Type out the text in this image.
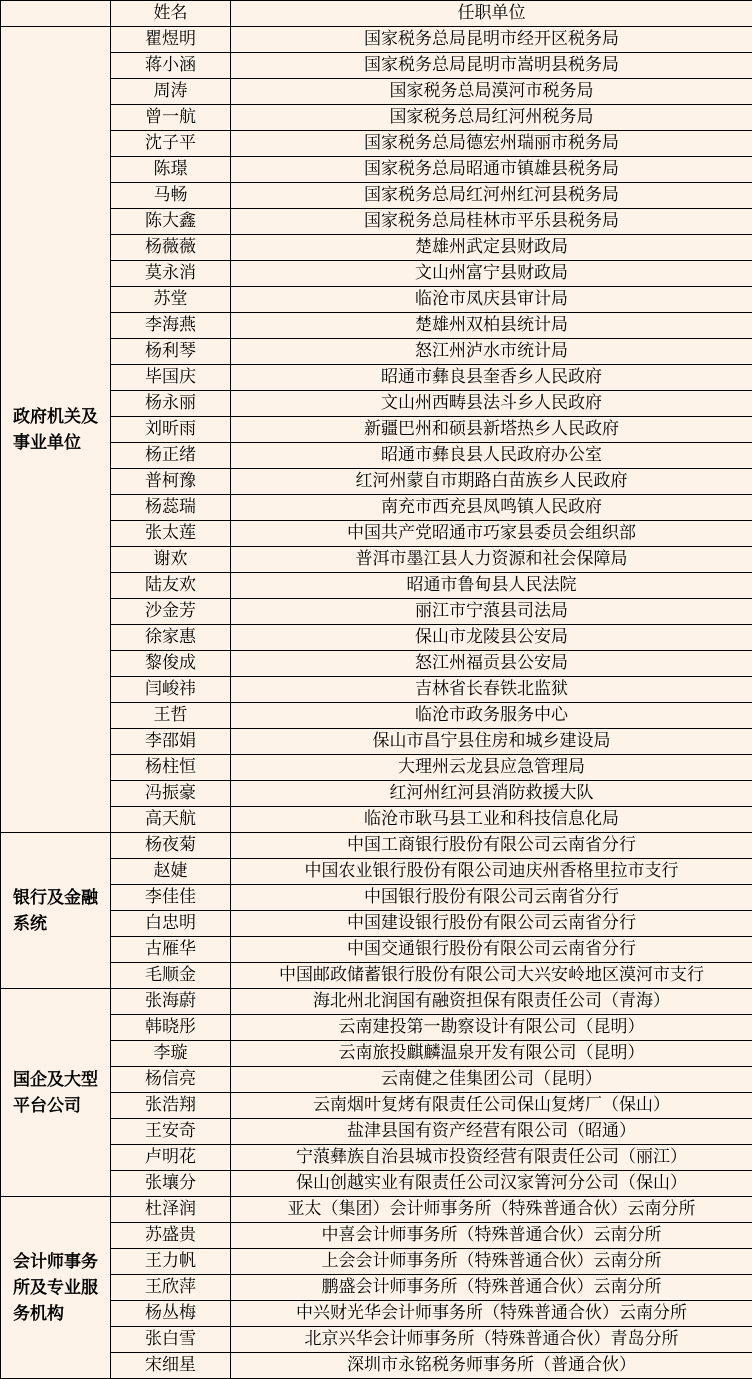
	姓名	任职单位
政府机关及事业单位	瞿煜明	国家税务总局昆明市经开区税务局
	蒋小涵	国家税务总局昆明市嵩明县税务局
	周涛	国家税务总局漠河市税务局
	曾一航	国家税务总局红河州税务局
	沈子平	国家税务总局德宏州瑞丽市税务局
	陈璟	国家税务总局昭通市镇雄县税务局
	马畅	国家税务总局红河州红河县税务局
	陈大鑫	国家税务总局桂林市平乐县税务局
	杨薇薇	楚雄州武定县财政局
	莫永消	文山州富宁县财政局
	苏堂	临沧市凤庆县审计局
	李海燕	楚雄州双柏县统计局
	杨利琴	怒江州泸水市统计局
	毕国庆	昭通市彝良县奎香乡人民政府
	杨永丽	文山州西畴县法斗乡人民政府
	刘昕雨	新疆巴州和硕县新塔热乡人民政府
	杨正绪	昭通市彝良县人民政府办公室
	普柯豫	红河州蒙自市期路白苗族乡人民政府
	杨蕊瑞	南充市西充县凤鸣镇人民政府
	张太莲	中国共产党昭通市巧家县委员会组织部
	谢欢	普洱市墨江县人力资源和社会保障局
	陆友欢	昭通市鲁甸县人民法院
	沙金芳	丽江市宁蒗县司法局
	徐家惠	保山市龙陵县公安局
	黎俊成	怒江州福贡县公安局
	闫峻祎	吉林省长春铁北监狱
	王哲	临沧市政务服务中心
	李邵娟	保山市昌宁县住房和城乡建设局
	杨柱恒	大理州云龙县应急管理局
	冯振豪	红河州红河县消防救援大队
	高天航	临沧市耿马县工业和科技信息化局
银行及金融系统	杨夜菊	中国工商银行股份有限公司云南省分行
	赵婕	中国农业银行股份有限公司迪庆州香格里拉市支行
	李佳佳	中国银行股份有限公司云南省分行
	白忠明	中国建设银行股份有限公司云南省分行
	古雁华	中国交通银行股份有限公司云南省分行
	毛顺金	中国邮政储蓄银行股份有限公司大兴安岭地区漠河市支行
国企及大型平台公司	张海蔚	海北州北润国有融资担保有限责任公司（青海）
	韩晓彤	云南建投第一勘察设计有限公司（昆明）
	李璇	云南旅投麒麟温泉开发有限公司（昆明）
	杨信亮	云南健之佳集团公司（昆明）
	张浩翔	云南烟叶复烤有限责任公司保山复烤厂（保山）
	王安奇	盐津县国有资产经营有限公司（昭通）
	卢明花	宁蒗彝族自治县城市投资经营有限责任公司（丽江）
	张壤分	保山创越实业有限责任公司汉家箐河分公司（保山）
会计师事务所及专业服务机构	杜泽润	亚太（集团）会计师事务所（特殊普通合伙）云南分所
	苏盛贵	中喜会计师事务所（特殊普通合伙）云南分所
	王力帆	上会会计师事务所（特殊普通合伙）云南分所
	王欣萍	鹏盛会计师事务所（特殊普通合伙）云南分所
	杨丛梅	中兴财光华会计师事务所（特殊普通合伙）云南分所
	张白雪	北京兴华会计师事务所（特殊普通合伙）青岛分所
	宋细星	深圳市永铭税务师事务所（普通合伙）
